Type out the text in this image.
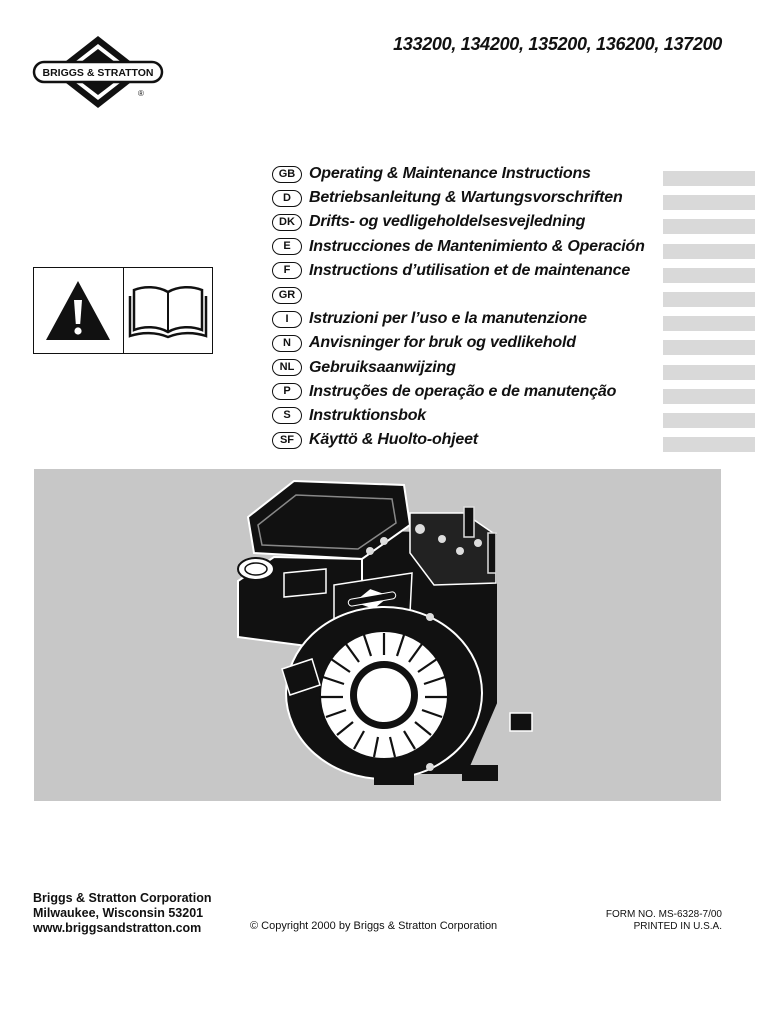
BRIGGS & STRATTON
®
133200, 134200, 135200, 136200, 137200
GB Operating & Maintenance Instructions
D	Betriebsanleitung & Wartungsvorschriften
DK Drifts- og vedligeholdelsesvejledning
E	Instrucciones de Mantenimiento & Operación
F	Instructions d’utilisation et de maintenance
GR
I	Istruzioni per l’uso e la manutenzione
N	Anvisninger for bruk og vedlikehold
NL Gebruiksaanwijzing
P	Instruções de operação e de manutenção
S	Instruktionsbok
SF Käyttö & Huolto-ohjeet
Briggs & Stratton Corporation
Milwaukee, Wisconsin 53201
www.briggsandstratton.com	© Copyright 2000 by Briggs & Stratton Corporation
FORM NO. MS-6328-7/00
PRINTED IN U.S.A.
